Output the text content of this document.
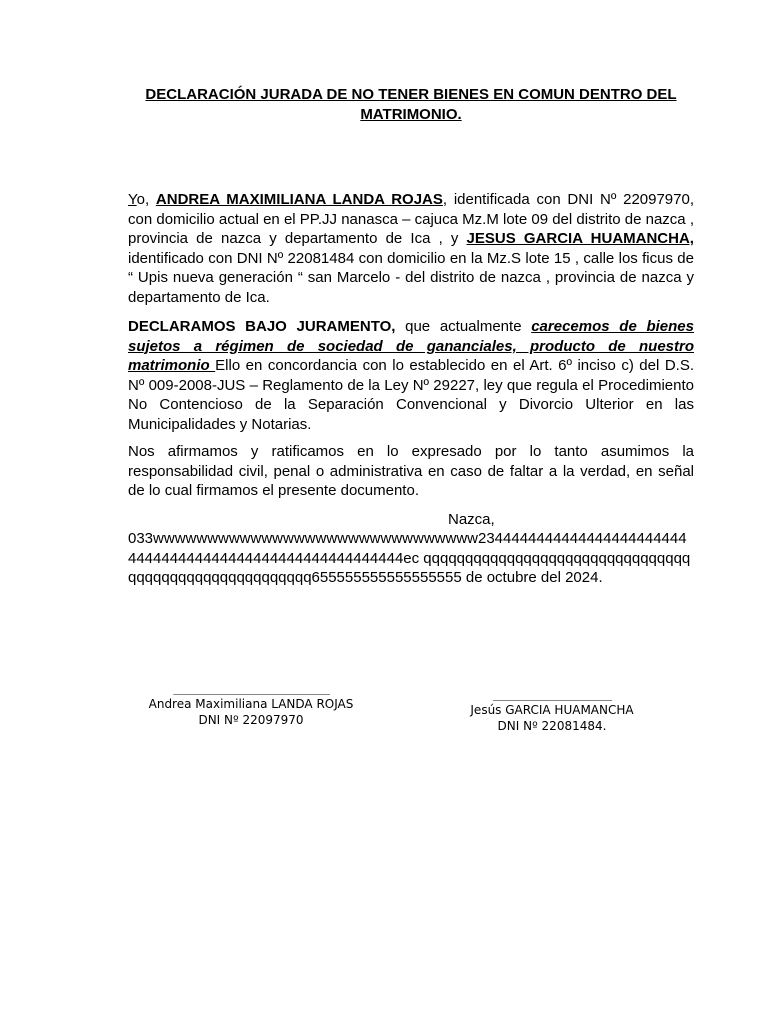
DECLARACIÓN JURADA DE NO TENER BIENES EN COMUN DENTRO DEL
MATRIMONIO.

Yo, ANDREA MAXIMILIANA LANDA ROJAS, identificada con DNI Nº 22097970, con domicilio actual en el PP.JJ nanasca – cajuca Mz.M lote 09 del distrito de nazca , provincia de nazca y departamento de Ica , y JESUS GARCIA HUAMANCHA, identificado con DNI Nº 22081484 con domicilio en la Mz.S lote 15 , calle los ficus de “ Upis nueva generación “ san Marcelo - del distrito de nazca , provincia de nazca y departamento de Ica.

DECLARAMOS BAJO JURAMENTO, que actualmente carecemos de bienes sujetos a régimen de sociedad de gananciales, producto de nuestro matrimonio Ello en concordancia con lo establecido en el Art. 6º inciso c) del D.S. Nº 009-2008-JUS – Reglamento de la Ley Nº 29227, ley que regula el Procedimiento No Contencioso de la Separación Convencional y Divorcio Ulterior en las Municipalidades y Notarias.

Nos afirmamos y ratificamos en lo expresado por lo tanto asumimos la responsabilidad civil, penal o administrativa en caso de faltar a la verdad, en señal de lo cual firmamos el presente documento.

Nazca,
033wwwwwwwwwwwwwwwwwwwwwwwwwwwwww2344444444444444444444444444444444444444444444444444444444ec qqqqqqqqqqqqqqqqqqqqqqqqqqqqqqqqqqqqqqqqqqqqqqqqqqqqqq655555555555555555 de octubre del 2024.
_________________________
Andrea Maximiliana LANDA ROJAS
DNI Nº 22097970
___________________
Jesús GARCIA HUAMANCHA
DNI Nº 22081484.
